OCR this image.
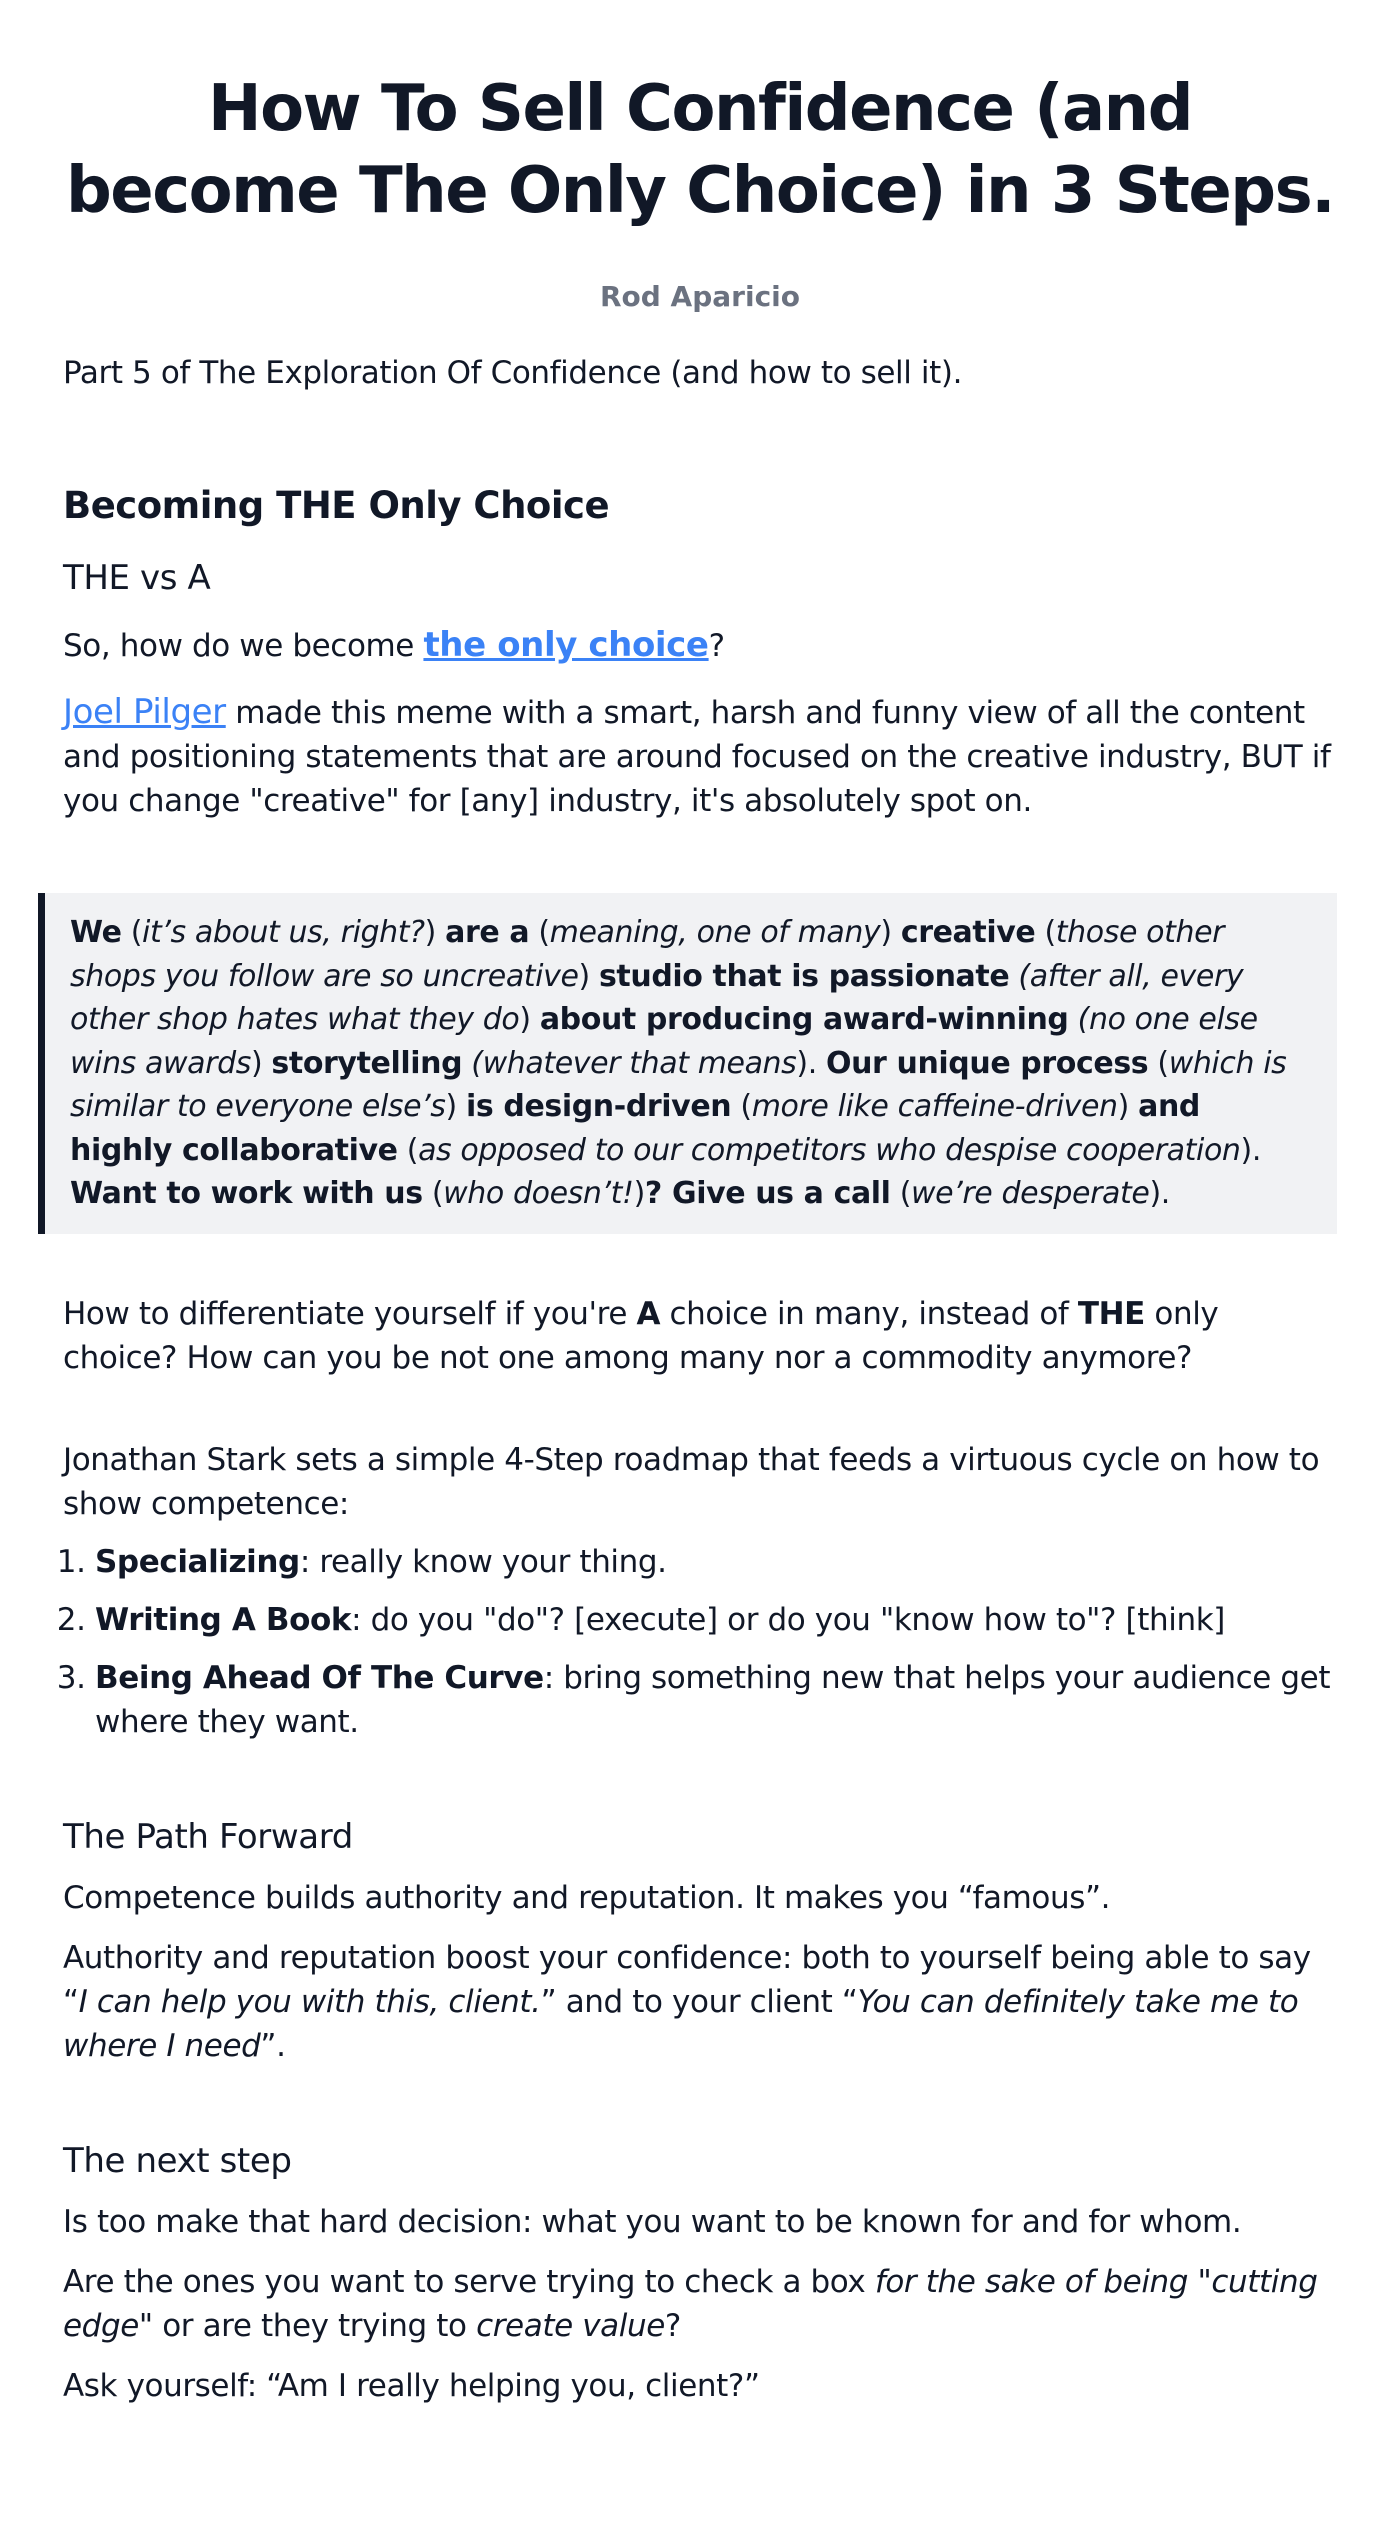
How To Sell Confidence (and become The Only Choice) in 3 Steps.
Rod Aparicio

Part 5 of The Exploration Of Confidence (and how to sell it).

Becoming THE Only Choice
THE vs A

So, how do we become the only choice?

Joel Pilger made this meme with a smart, harsh and funny view of all the content and positioning statements that are around focused on the creative industry, BUT if you change "creative" for [any] industry, it's absolutely spot on.

We (it’s about us, right?) are a (meaning, one of many) creative (those other shops you follow are so uncreative) studio that is passionate (after all, every other shop hates what they do) about producing award-winning (no one else wins awards) storytelling (whatever that means). Our unique process (which is similar to everyone else’s) is design-driven (more like caffeine-driven) and highly collaborative (as opposed to our competitors who despise cooperation). Want to work with us (who doesn’t!)? Give us a call (we’re desperate).

How to differentiate yourself if you're A choice in many, instead of THE only choice? How can you be not one among many nor a commodity anymore?

Jonathan Stark sets a simple 4-Step roadmap that feeds a virtuous cycle on how to show competence:

1. Specializing: really know your thing.
2. Writing A Book: do you "do"? [execute] or do you "know how to"? [think]
3. Being Ahead Of The Curve: bring something new that helps your audience get where they want.
The Path Forward

Competence builds authority and reputation. It makes you “famous”.

Authority and reputation boost your confidence: both to yourself being able to say “I can help you with this, client.” and to your client “You can definitely take me to where I need”.

The next step

Is too make that hard decision: what you want to be known for and for whom.

Are the ones you want to serve trying to check a box for the sake of being "cutting edge" or are they trying to create value?

Ask yourself: “Am I really helping you, client?”
